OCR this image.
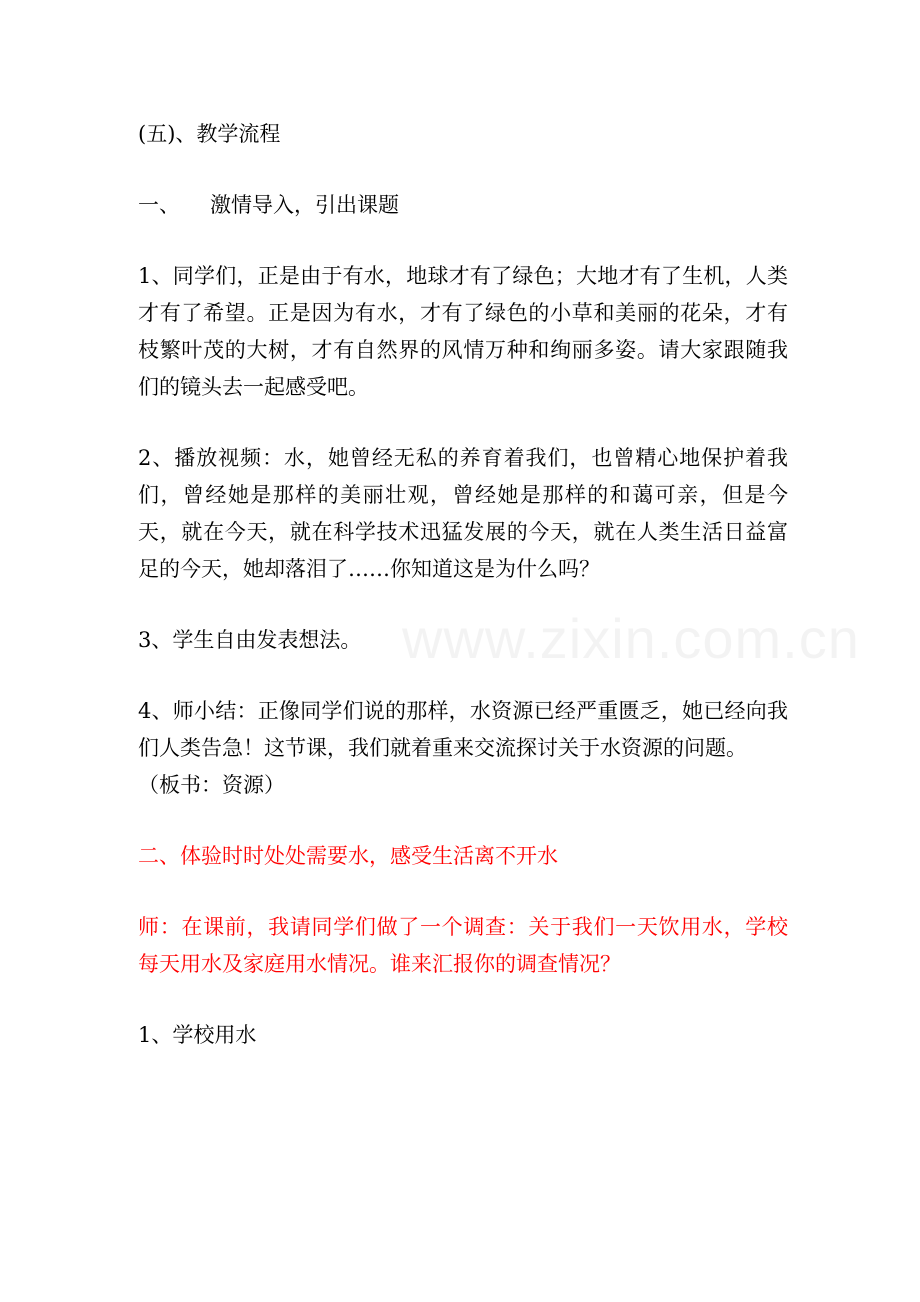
(五)、教学流程

一、 激情导入，引出课题

1、同学们，正是由于有水，地球才有了绿色；大地才有了生机，人类才有了希望。正是因为有水，才有了绿色的小草和美丽的花朵，才有枝繁叶茂的大树，才有自然界的风情万种和绚丽多姿。请大家跟随我们的镜头去一起感受吧。

2、播放视频：水，她曾经无私的养育着我们，也曾精心地保护着我们，曾经她是那样的美丽壮观，曾经她是那样的和蔼可亲，但是今天，就在今天，就在科学技术迅猛发展的今天，就在人类生活日益富足的今天，她却落泪了……你知道这是为什么吗？

3、学生自由发表想法。

4、师小结：正像同学们说的那样，水资源已经严重匮乏，她已经向我们人类告急！这节课，我们就着重来交流探讨关于水资源的问题。
（板书：资源）

二、体验时时处处需要水，感受生活离不开水

师：在课前，我请同学们做了一个调查：关于我们一天饮用水，学校每天用水及家庭用水情况。谁来汇报你的调查情况？

1、学校用水
